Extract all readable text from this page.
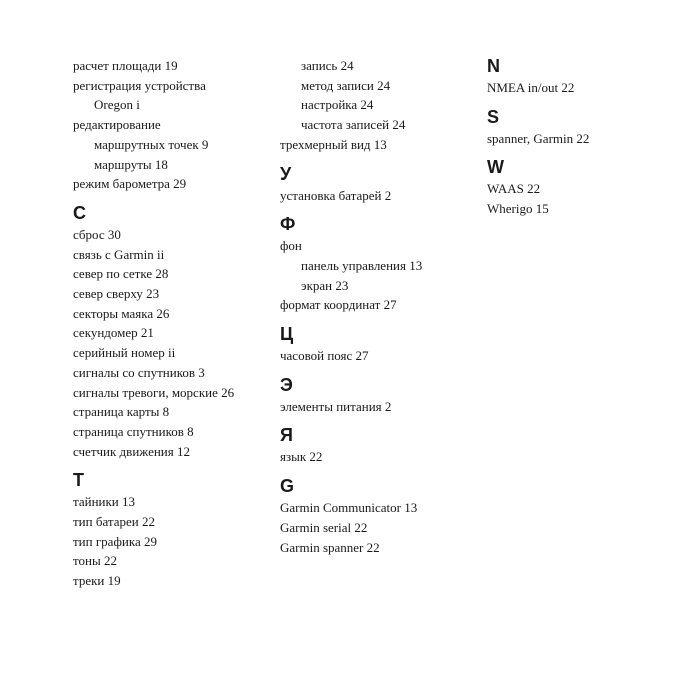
расчет площади 19
регистрация устройства
Oregon i
редактирование
маршрутных точек 9
маршруты 18
режим барометра 29
С
сброс 30
связь с Garmin ii
север по сетке 28
север сверху 23
секторы маяка 26
секундомер 21
серийный номер ii
сигналы со спутников 3
сигналы тревоги, морские 26
страница карты 8
страница спутников 8
счетчик движения 12
Т
тайники 13
тип батареи 22
тип графика 29
тоны 22
треки 19
запись 24
метод записи 24
настройка 24
частота записей 24
трехмерный вид 13
У
установка батарей 2
Ф
фон
панель управления 13
экран 23
формат координат 27
Ц
часовой пояс 27
Э
элементы питания 2
Я
язык 22
G
Garmin Communicator 13
Garmin serial 22
Garmin spanner 22
N
NMEA in/out 22
S
spanner, Garmin 22
W
WAAS 22
Wherigo 15
